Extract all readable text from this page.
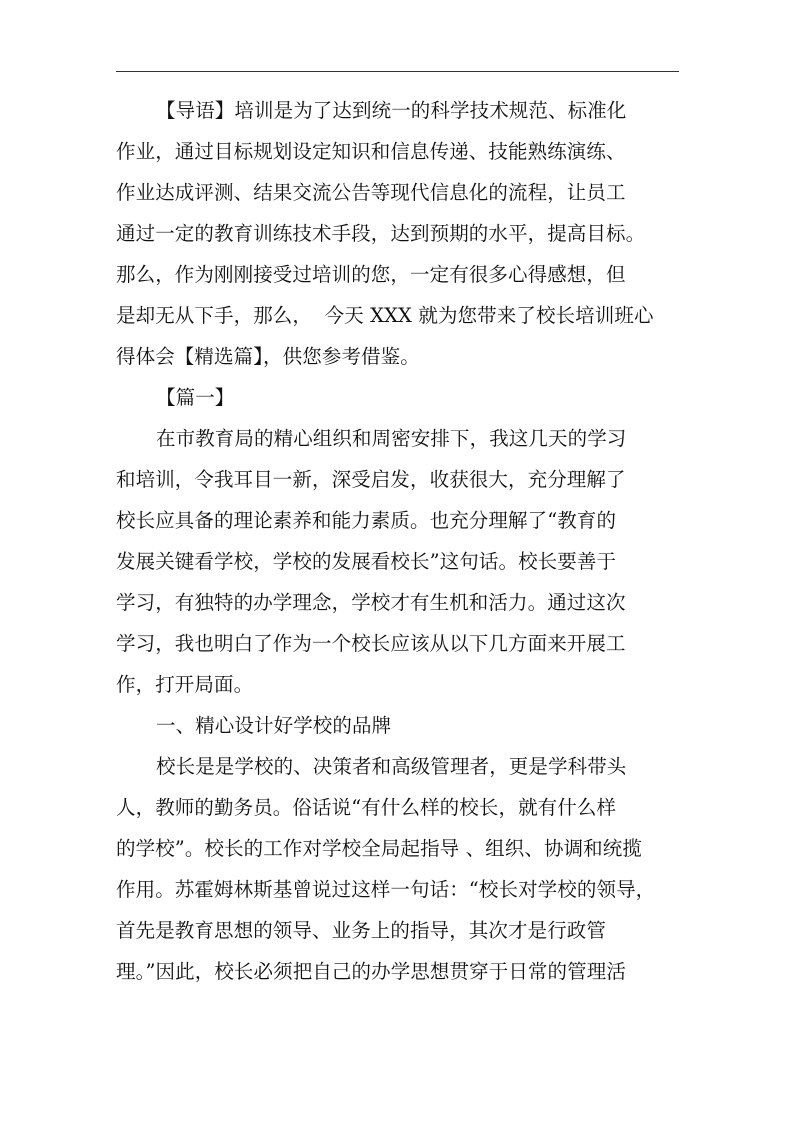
【导语】培训是为了达到统一的科学技术规范、标准化
作业，通过目标规划设定知识和信息传递、技能熟练演练、
作业达成评测、结果交流公告等现代信息化的流程，让员工
通过一定的教育训练技术手段，达到预期的水平，提高目标。
那么，作为刚刚接受过培训的您，一定有很多心得感想，但
是却无从下手，那么，  今天 XXX 就为您带来了校长培训班心
得体会【精选篇】，供您参考借鉴。
【篇一】
在市教育局的精心组织和周密安排下，我这几天的学习
和培训，令我耳目一新，深受启发，收获很大，充分理解了
校长应具备的理论素养和能力素质。也充分理解了“教育的
发展关键看学校，学校的发展看校长”这句话。校长要善于
学习，有独特的办学理念，学校才有生机和活力。通过这次
学习，我也明白了作为一个校长应该从以下几方面来开展工
作，打开局面。
一、精心设计好学校的品牌
校长是是学校的、决策者和高级管理者，更是学科带头
人，教师的勤务员。俗话说“有什么样的校长，就有什么样
的学校”。校长的工作对学校全局起指导 、组织、协调和统揽
作用。苏霍姆林斯基曾说过这样一句话：“校长对学校的领导，
首先是教育思想的领导、业务上的指导，其次才是行政管
理。”因此，校长必须把自己的办学思想贯穿于日常的管理活
